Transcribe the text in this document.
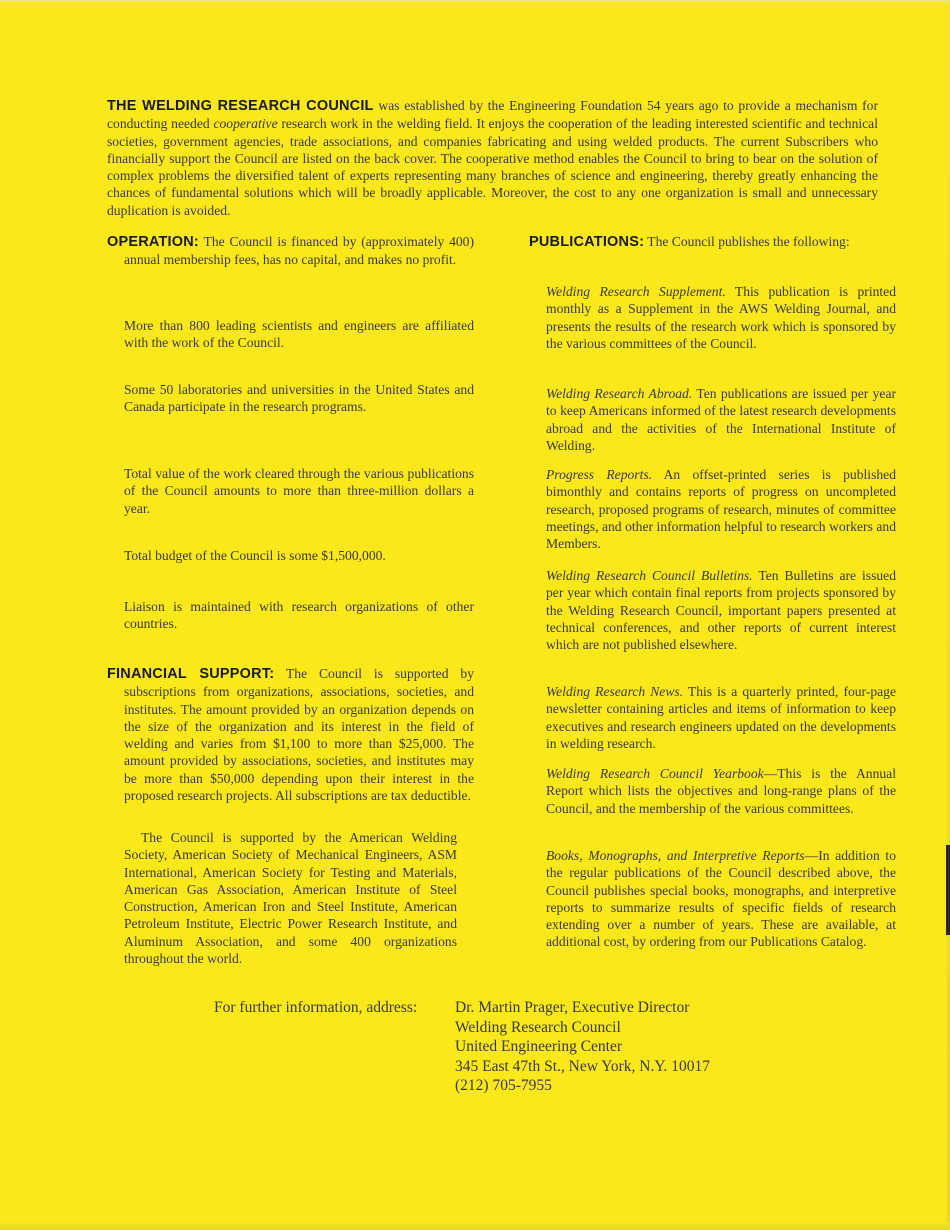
THE WELDING RESEARCH COUNCIL was established by the Engineering Foundation 54 years ago to provide a mechanism for conducting needed cooperative research work in the welding field. It enjoys the cooperation of the leading interested scientific and technical societies, government agencies, trade associations, and companies fabricating and using welded products. The current Subscribers who financially support the Council are listed on the back cover. The cooperative method enables the Council to bring to bear on the solution of complex problems the diversified talent of experts representing many branches of science and engineering, thereby greatly enhancing the chances of fundamental solutions which will be broadly applicable. Moreover, the cost to any one organization is small and unnecessary duplication is avoided.

OPERATION: The Council is financed by (approximately 400) annual membership fees, has no capital, and makes no profit.
More than 800 leading scientists and engineers are affiliated with the work of the Council.
Some 50 laboratories and universities in the United States and Canada participate in the research programs.
Total value of the work cleared through the various publications of the Council amounts to more than three-million dollars a year.
Total budget of the Council is some $1,500,000.
Liaison is maintained with research organizations of other countries.
FINANCIAL SUPPORT: The Council is supported by subscriptions from organizations, associations, societies, and institutes. The amount provided by an organization depends on the size of the organization and its interest in the field of welding and varies from $1,100 to more than $25,000. The amount provided by associations, societies, and institutes may be more than $50,000 depending upon their interest in the proposed research projects. All subscriptions are tax deductible.
The Council is supported by the American Welding Society, American Society of Mechanical Engineers, ASM International, American Society for Testing and Materials, American Gas Association, American Institute of Steel Construction, American Iron and Steel Institute, American Petroleum Institute, Electric Power Research Institute, and Aluminum Association, and some 400 organizations throughout the world.
PUBLICATIONS: The Council publishes the following:
Welding Research Supplement. This publication is printed monthly as a Supplement in the AWS Welding Journal, and presents the results of the research work which is sponsored by the various committees of the Council.
Welding Research Abroad. Ten publications are issued per year to keep Americans informed of the latest research developments abroad and the activities of the International Institute of Welding.
Progress Reports. An offset-printed series is published bimonthly and contains reports of progress on uncompleted research, proposed programs of research, minutes of committee meetings, and other information helpful to research workers and Members.
Welding Research Council Bulletins. Ten Bulletins are issued per year which contain final reports from projects sponsored by the Welding Research Council, important papers presented at technical conferences, and other reports of current interest which are not published elsewhere.
Welding Research News. This is a quarterly printed, four-page newsletter containing articles and items of information to keep executives and research engineers updated on the developments in welding research.
Welding Research Council Yearbook—This is the Annual Report which lists the objectives and long-range plans of the Council, and the membership of the various committees.
Books, Monographs, and Interpretive Reports—In addition to the regular publications of the Council described above, the Council publishes special books, monographs, and interpretive reports to summarize results of specific fields of research extending over a number of years. These are available, at additional cost, by ordering from our Publications Catalog.
For further information, address: Dr. Martin Prager, Executive Director
Welding Research Council
United Engineering Center
345 East 47th St., New York, N.Y. 10017
(212) 705-7955
